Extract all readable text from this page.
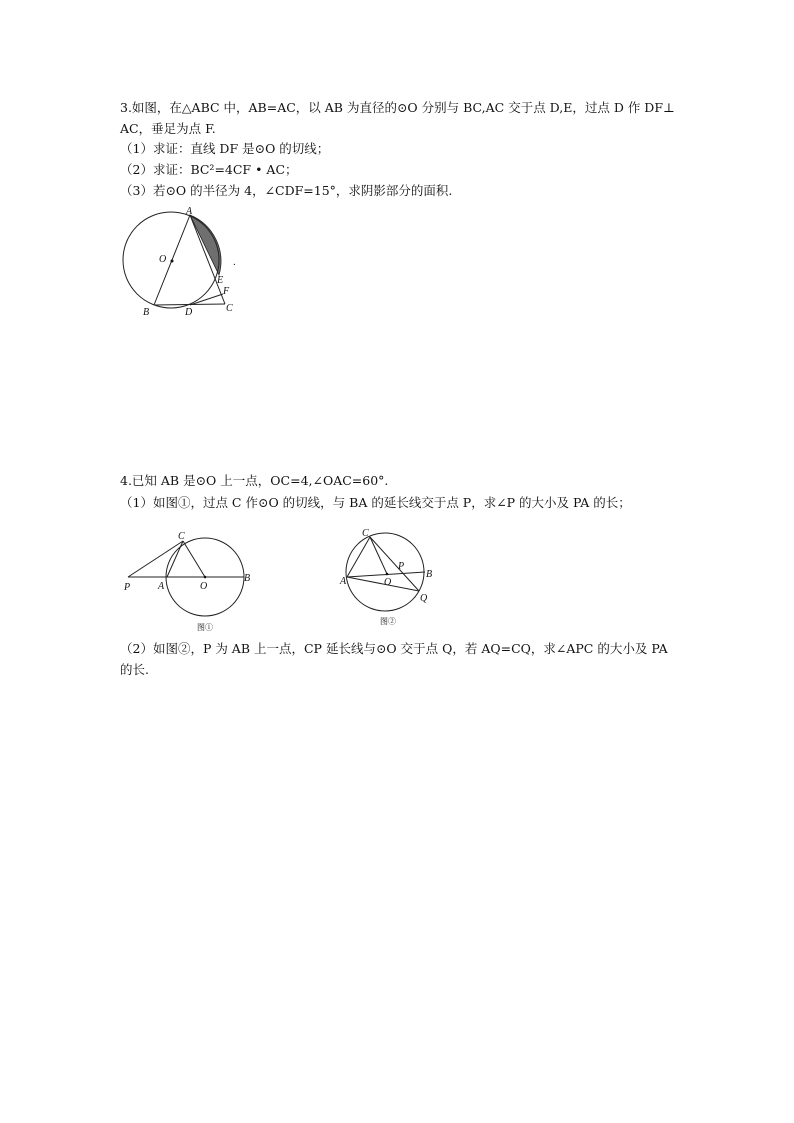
3.如图，在△ABC 中，AB=AC，以 AB 为直径的⊙O 分别与 BC,AC 交于点 D,E，过点 D 作 DF⊥
AC，垂足为点 F.
（1）求证：直线 DF 是⊙O 的切线；
（2）求证：BC²=4CF • AC；
（3）若⊙O 的半径为 4，∠CDF=15°，求阴影部分的面积.
A
O
E
F
B	D	C
·
4.已知 AB 是⊙O 上一点，OC=4,∠OAC=60°.
（1）如图①，过点 C 作⊙O 的切线，与 BA 的延长线交于点 P，求∠P 的大小及 PA 的长；
C
P	A	O
B
图①
C
P
A	O
B
Q
图②
（2）如图②，P 为 AB 上一点，CP 延长线与⊙O 交于点 Q，若 AQ=CQ，求∠APC 的大小及 PA
的长.
